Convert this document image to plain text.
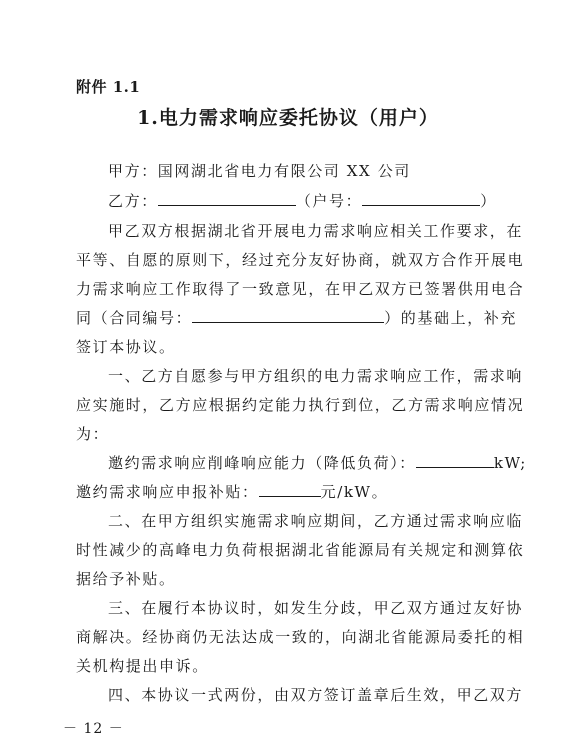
附件 1.1
1.电力需求响应委托协议（用户）
甲方：国网湖北省电力有限公司 XX 公司
乙方：	（户号：	）
甲乙双方根据湖北省开展电力需求响应相关工作要求，在
平等、自愿的原则下，经过充分友好协商，就双方合作开展电
力需求响应工作取得了一致意见，在甲乙双方已签署供用电合
同（合同编号：	）的基础上，补充
签订本协议。
一、乙方自愿参与甲方组织的电力需求响应工作，需求响
应实施时，乙方应根据约定能力执行到位，乙方需求响应情况
为：
邀约需求响应削峰响应能力（降低负荷）：	kW;
邀约需求响应申报补贴：	元/kW。
二、在甲方组织实施需求响应期间，乙方通过需求响应临
时性减少的高峰电力负荷根据湖北省能源局有关规定和测算依
据给予补贴。
三、在履行本协议时，如发生分歧，甲乙双方通过友好协
商解决。经协商仍无法达成一致的，向湖北省能源局委托的相
关机构提出申诉。
四、本协议一式两份，由双方签订盖章后生效，甲乙双方
－ 12 －
